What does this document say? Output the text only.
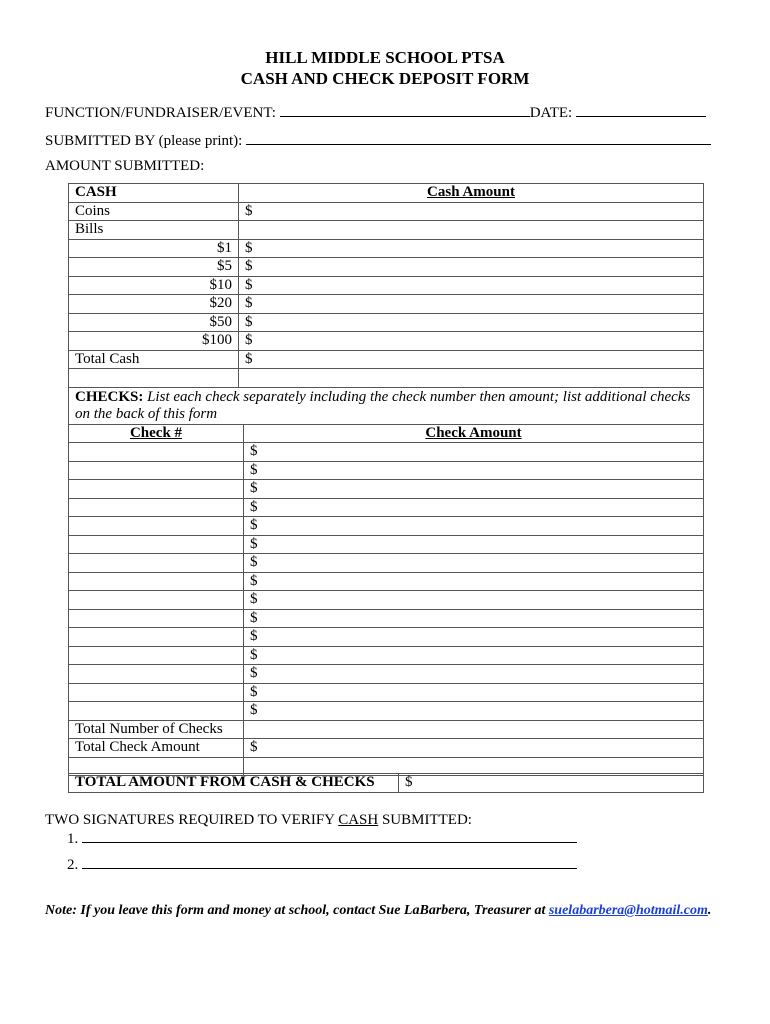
HILL MIDDLE SCHOOL PTSA
CASH AND CHECK DEPOSIT FORM
FUNCTION/FUNDRAISER/EVENT:	DATE:
SUBMITTED BY (please print):
AMOUNT SUBMITTED:
CASH	Cash Amount	
Coins	$	
Bills		
$1	$	
$5	$	
$10	$	
$20	$	
$50	$	
$100	$	
Total Cash	$	

CHECKS: List each check separately including the check number then amount; list additional checks on the back of this form		
Check #		Check Amount
		$
		$
		$
		$
		$
		$
		$
		$
		$
		$
		$
		$
		$
		$
		$
Total Number of Checks		
Total Check Amount		$

TOTAL AMOUNT FROM CASH & CHECKS	$
TWO SIGNATURES REQUIRED TO VERIFY CASH SUBMITTED:
1.
2.
Note: If you leave this form and money at school, contact Sue LaBarbera, Treasurer at suelabarbera@hotmail.com.
